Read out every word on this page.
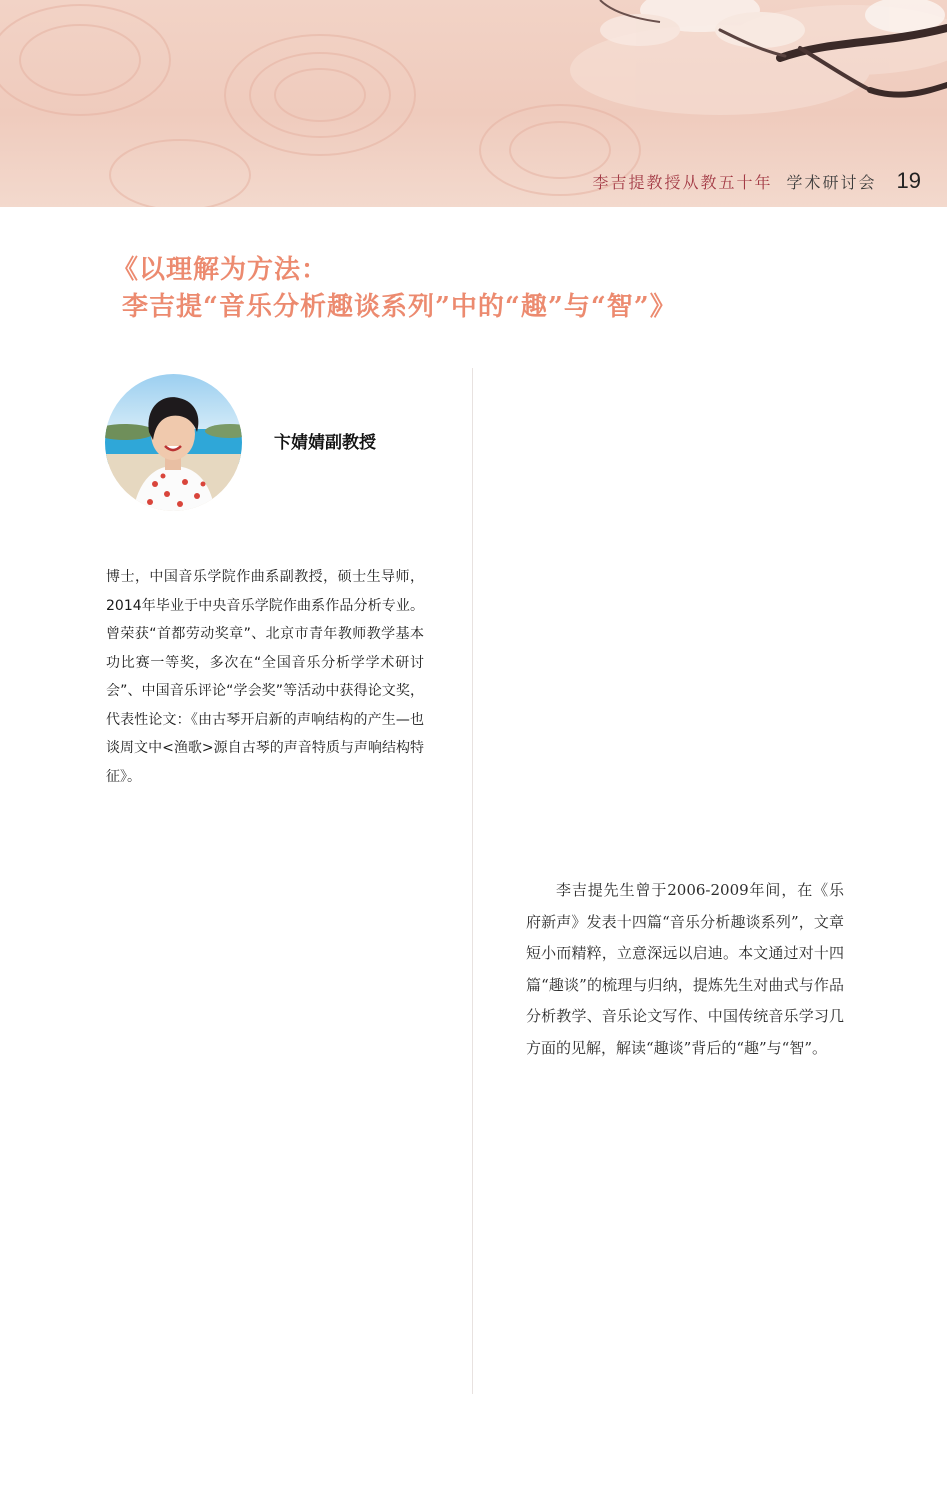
李吉提教授从教五十年 学术研讨会 19
《以理解为方法：
李吉提“音乐分析趣谈系列”中的“趣”与“智”》
卞婧婧副教授
博士，中国音乐学院作曲系副教授，硕士生导师，2014年毕业于中央音乐学院作曲系作品分析专业。曾荣获“首都劳动奖章”、北京市青年教师教学基本功比赛一等奖，多次在“全国音乐分析学学术研讨会”、中国音乐评论“学会奖”等活动中获得论文奖，代表性论文：《由古琴开启新的声响结构的产生—也谈周文中<渔歌>源自古琴的声音特质与声响结构特征》。
李吉提先生曾于2006-2009年间，在《乐府新声》发表十四篇“音乐分析趣谈系列”，文章短小而精粹，立意深远以启迪。本文通过对十四篇“趣谈”的梳理与归纳，提炼先生对曲式与作品分析教学、音乐论文写作、中国传统音乐学习几方面的见解，解读“趣谈”背后的“趣”与“智”。
